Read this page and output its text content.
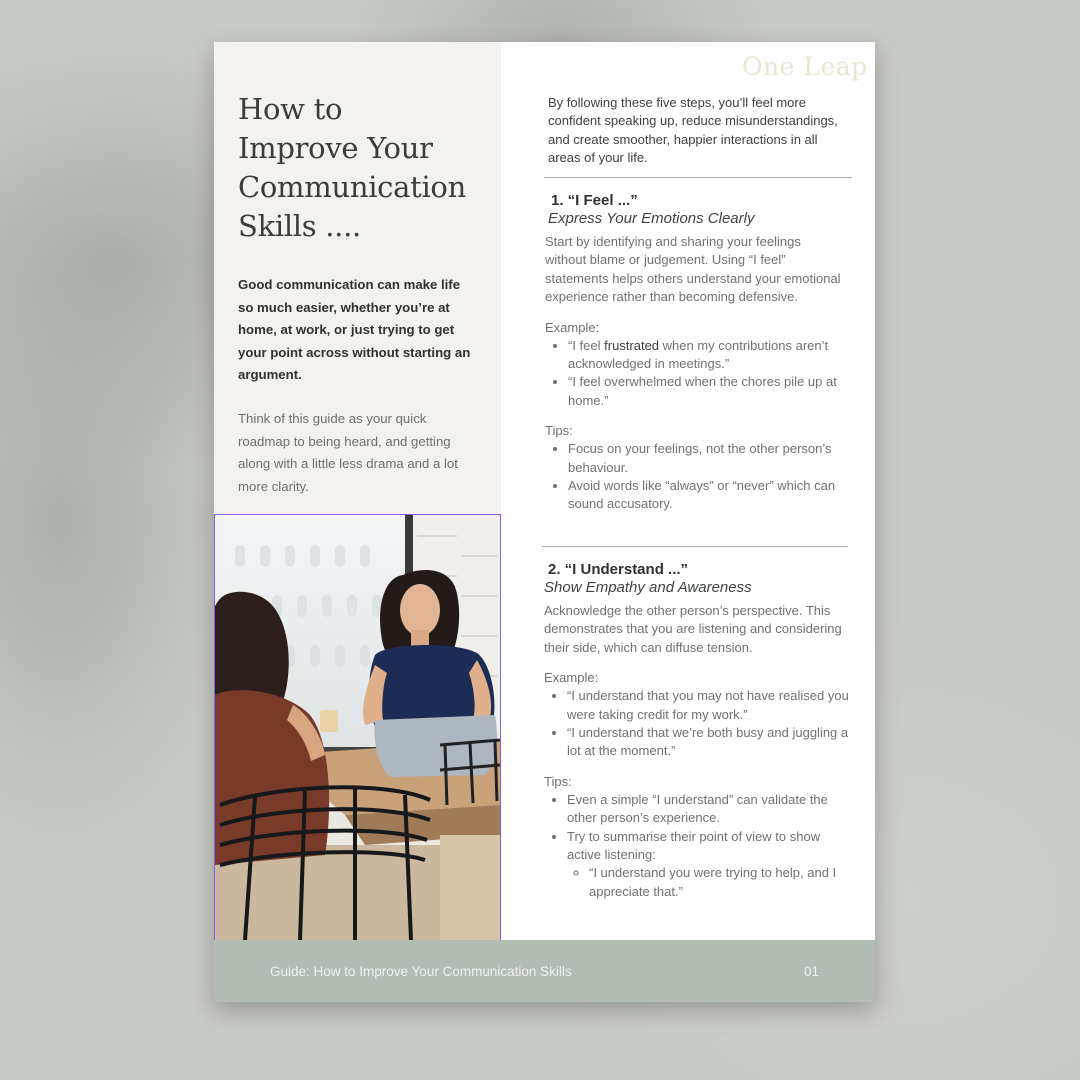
How to
Improve Your
Communication
Skills ....

Good communication can make life so much easier, whether you’re at home, at work, or just trying to get your point across without starting an argument.

Think of this guide as your quick roadmap to being heard, and getting along with a little less drama and a lot more clarity.

By following these five steps, you’ll feel more confident speaking up, reduce misunderstandings, and create smoother, happier interactions in all areas of your life.

1. “I Feel ...”

Express Your Emotions Clearly

Start by identifying and sharing your feelings without blame or judgement. Using “I feel” statements helps others understand your emotional experience rather than becoming defensive.

Example:

• “I feel frustrated when my contributions aren’t acknowledged in meetings.”
• “I feel overwhelmed when the chores pile up at home.”

Tips:

• Focus on your feelings, not the other person’s behaviour.
• Avoid words like “always” or “never” which can sound accusatory.

2. “I Understand ...”

Show Empathy and Awareness

Acknowledge the other person’s perspective. This demonstrates that you are listening and considering their side, which can diffuse tension.

Example:

• “I understand that you may not have realised you were taking credit for my work.”
• “I understand that we’re both busy and juggling a lot at the moment.”

Tips:

• Even a simple “I understand” can validate the other person’s experience.
• Try to summarise their point of view to show active listening:
◦ “I understand you were trying to help, and I appreciate that.”

One Leap

Guide: How to Improve Your Communication Skills	01
